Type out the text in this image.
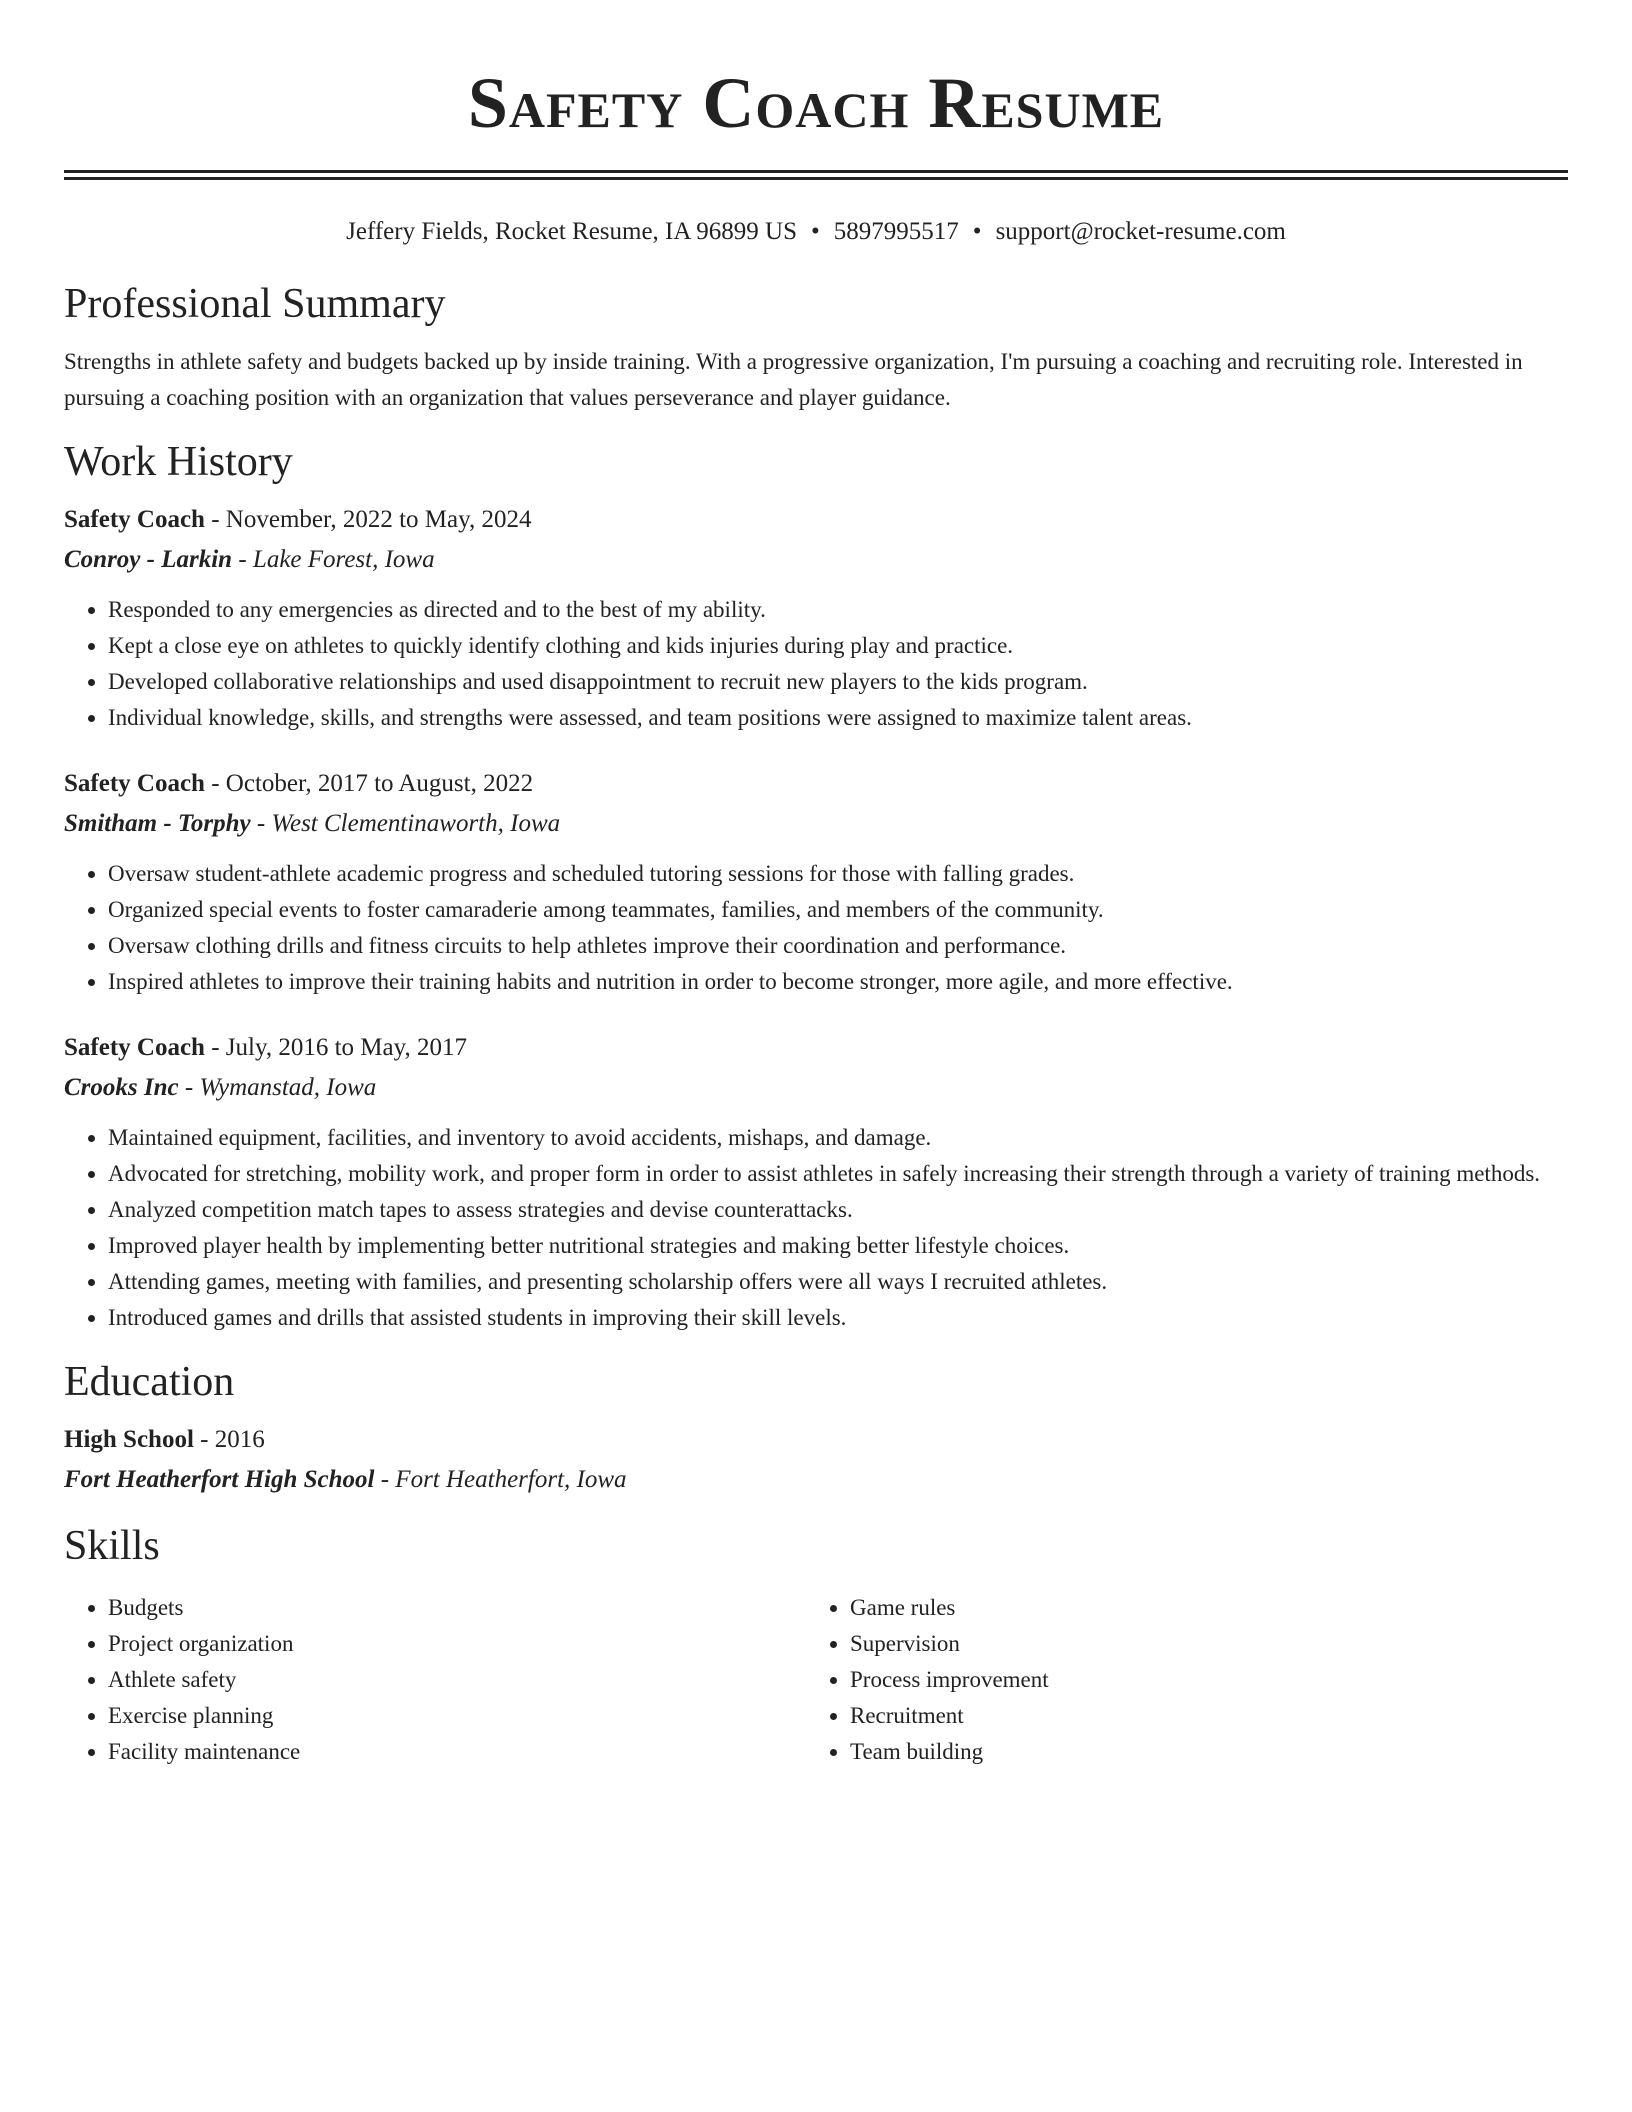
Safety Coach Resume
Jeffery Fields, Rocket Resume, IA 96899 US • 5897995517 • support@rocket-resume.com
Professional Summary

Strengths in athlete safety and budgets backed up by inside training. With a progressive organization, I'm pursuing a coaching and recruiting role. Interested in pursuing a coaching position with an organization that values perseverance and player guidance.

Work History

Safety Coach - November, 2022 to May, 2024

Conroy - Larkin - Lake Forest, Iowa

• Responded to any emergencies as directed and to the best of my ability.
• Kept a close eye on athletes to quickly identify clothing and kids injuries during play and practice.
• Developed collaborative relationships and used disappointment to recruit new players to the kids program.
• Individual knowledge, skills, and strengths were assessed, and team positions were assigned to maximize talent areas.

Safety Coach - October, 2017 to August, 2022

Smitham - Torphy - West Clementinaworth, Iowa

• Oversaw student-athlete academic progress and scheduled tutoring sessions for those with falling grades.
• Organized special events to foster camaraderie among teammates, families, and members of the community.
• Oversaw clothing drills and fitness circuits to help athletes improve their coordination and performance.
• Inspired athletes to improve their training habits and nutrition in order to become stronger, more agile, and more effective.

Safety Coach - July, 2016 to May, 2017

Crooks Inc - Wymanstad, Iowa

• Maintained equipment, facilities, and inventory to avoid accidents, mishaps, and damage.
• Advocated for stretching, mobility work, and proper form in order to assist athletes in safely increasing their strength through a variety of training methods.
• Analyzed competition match tapes to assess strategies and devise counterattacks.
• Improved player health by implementing better nutritional strategies and making better lifestyle choices.
• Attending games, meeting with families, and presenting scholarship offers were all ways I recruited athletes.
• Introduced games and drills that assisted students in improving their skill levels.
Education

High School - 2016

Fort Heatherfort High School - Fort Heatherfort, Iowa

Skills
• Budgets
• Project organization
• Athlete safety
• Exercise planning
• Facility maintenance
• Game rules
• Supervision
• Process improvement
• Recruitment
• Team building
